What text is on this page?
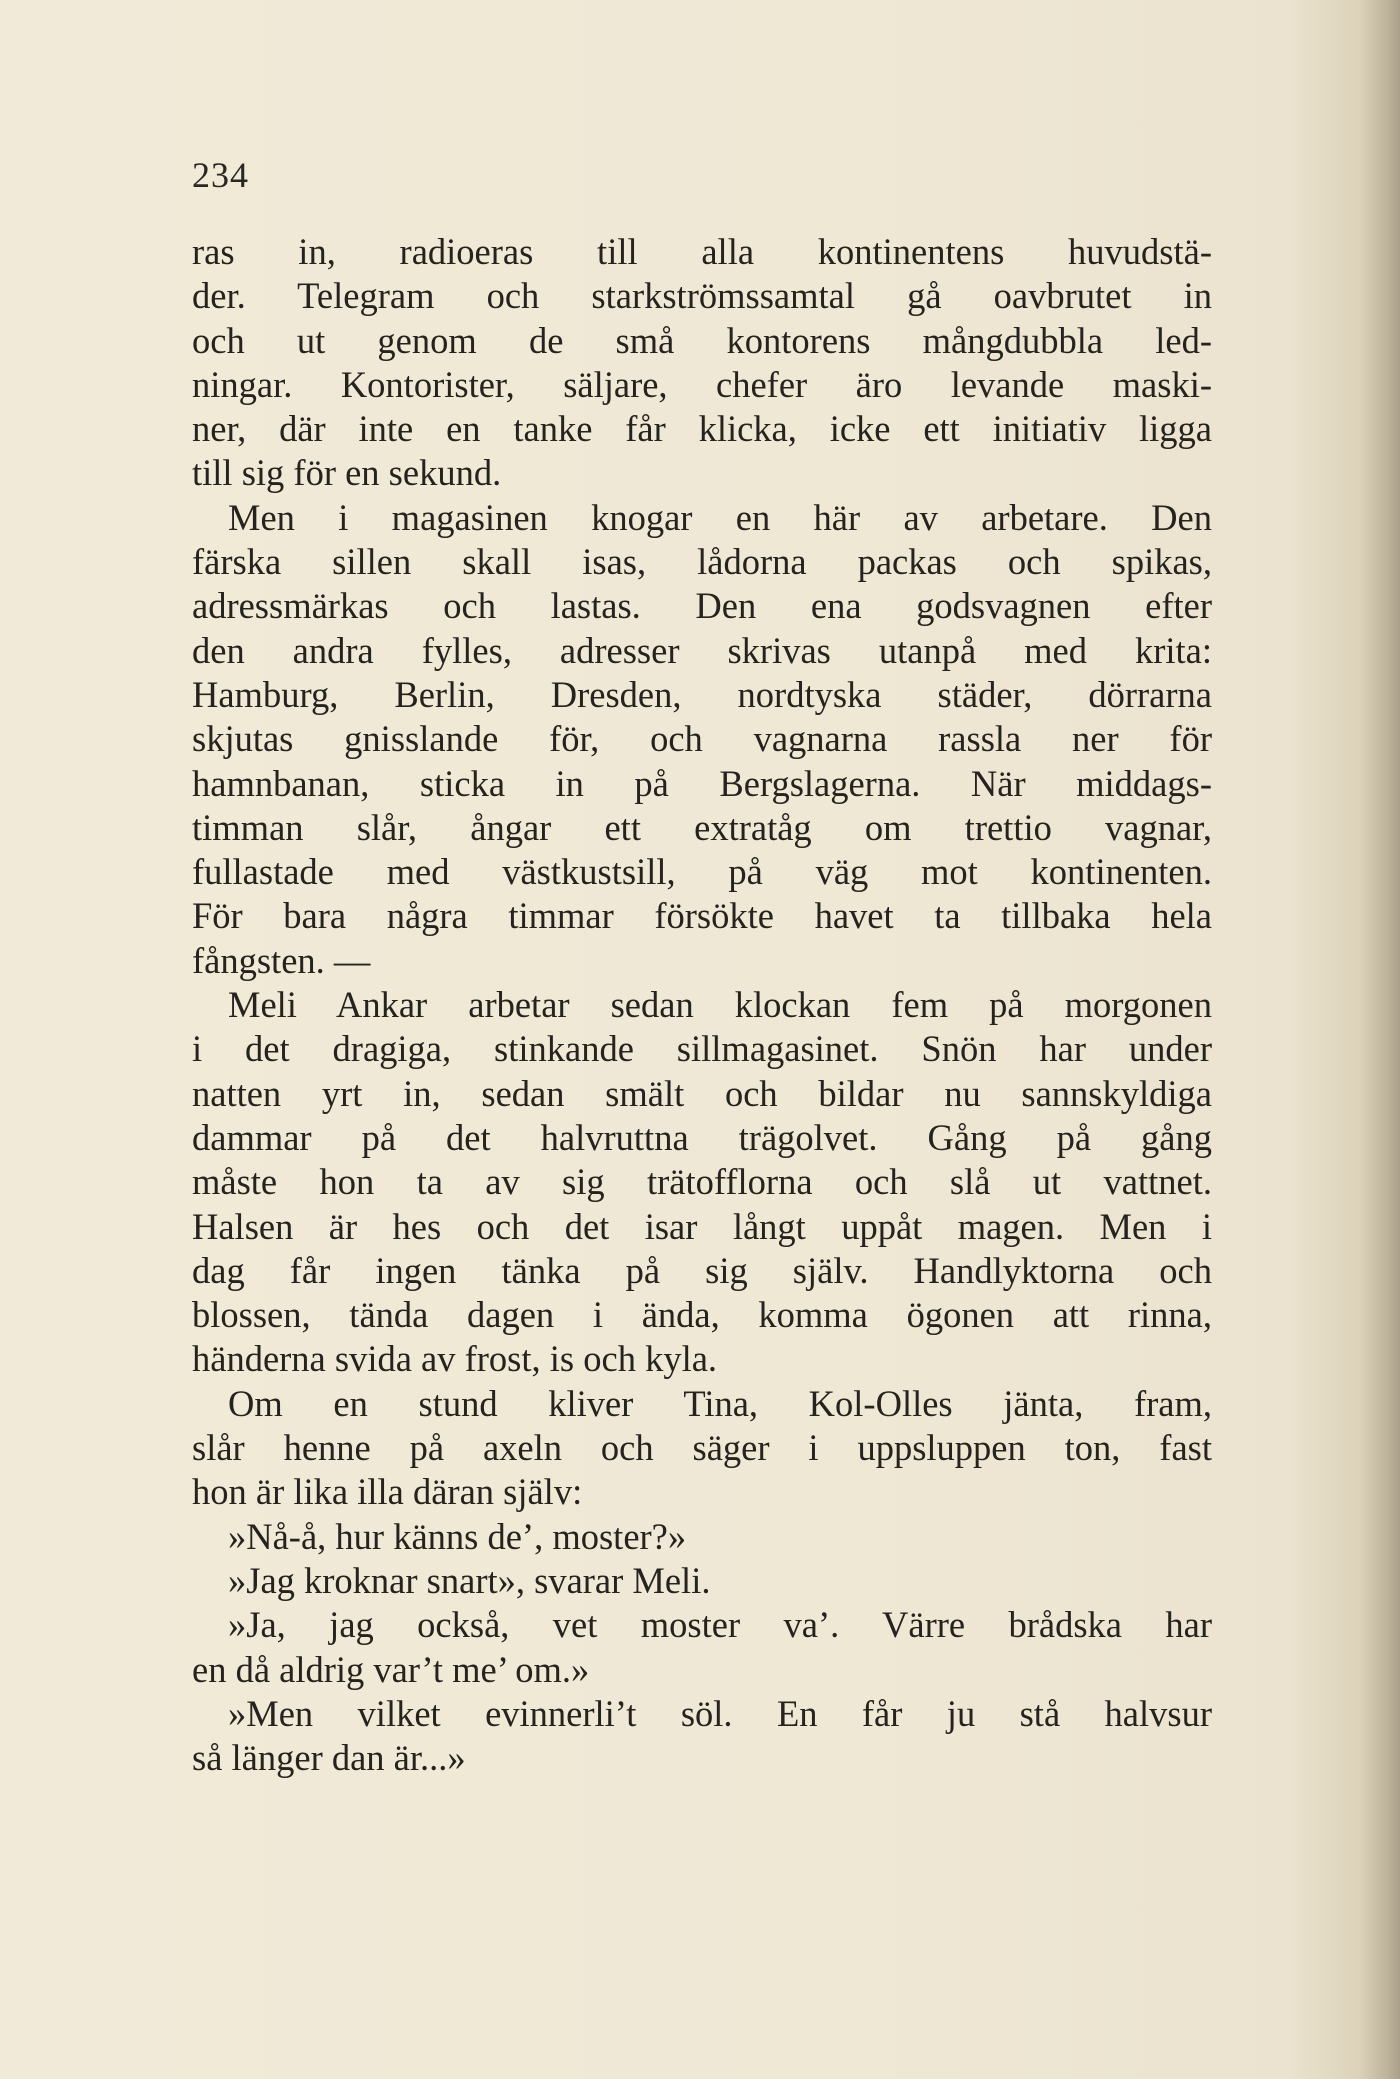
234
ras in, radioeras till alla kontinentens huvudstä-
der. Telegram och starkströmssamtal gå oavbrutet in
och ut genom de små kontorens mångdubbla led-
ningar. Kontorister, säljare, chefer äro levande maski-
ner, där inte en tanke får klicka, icke ett initiativ ligga
till sig för en sekund.
Men i magasinen knogar en här av arbetare. Den
färska sillen skall isas, lådorna packas och spikas,
adressmärkas och lastas. Den ena godsvagnen efter
den andra fylles, adresser skrivas utanpå med krita:
Hamburg, Berlin, Dresden, nordtyska städer, dörrarna
skjutas gnisslande för, och vagnarna rassla ner för
hamnbanan, sticka in på Bergslagerna. När middags-
timman slår, ångar ett extratåg om trettio vagnar,
fullastade med västkustsill, på väg mot kontinenten.
För bara några timmar försökte havet ta tillbaka hela
fångsten. —
Meli Ankar arbetar sedan klockan fem på morgonen
i det dragiga, stinkande sillmagasinet. Snön har under
natten yrt in, sedan smält och bildar nu sannskyldiga
dammar på det halvruttna trägolvet. Gång på gång
måste hon ta av sig trätofflorna och slå ut vattnet.
Halsen är hes och det isar långt uppåt magen. Men i
dag får ingen tänka på sig själv. Handlyktorna och
blossen, tända dagen i ända, komma ögonen att rinna,
händerna svida av frost, is och kyla.
Om en stund kliver Tina, Kol-Olles jänta, fram,
slår henne på axeln och säger i uppsluppen ton, fast
hon är lika illa däran själv:
»Nå-å, hur känns de’, moster?»
»Jag kroknar snart», svarar Meli.
»Ja, jag också, vet moster va’. Värre brådska har
en då aldrig var’t me’ om.»
»Men vilket evinnerli’t söl. En får ju stå halvsur
så länger dan är...»
